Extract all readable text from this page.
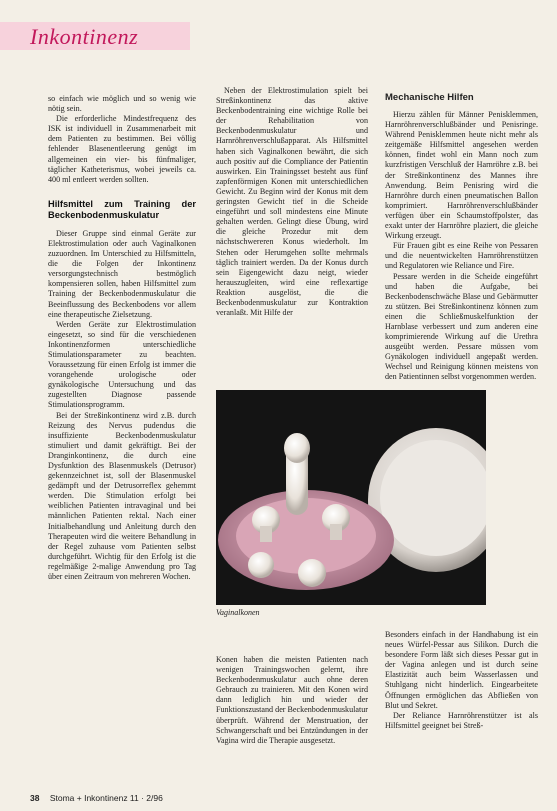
Inkontinenz

so einfach wie möglich und so wenig wie nötig sein.

Die erforderliche Mindestfrequenz des ISK ist individuell in Zusammenarbeit mit dem Patienten zu bestimmen. Bei völlig fehlender Blasenentleerung genügt im allgemeinen ein vier- bis fünfmaliger, täglicher Katheterismus, wobei jeweils ca. 400 ml entleert werden sollten.

Hilfsmittel zum Training der Beckenbodenmuskulatur

Dieser Gruppe sind einmal Geräte zur Elektrostimulation oder auch Vaginalkonen zuzuordnen. Im Unterschied zu Hilfsmitteln, die die Folgen der Inkontinenz versorgungstechnisch bestmöglich kompensieren sollen, haben Hilfsmittel zum Training der Beckenbodenmuskulatur die Beeinflussung des Beckenbodens vor allem eine therapeutische Zielsetzung.

Werden Geräte zur Elektrostimulation eingesetzt, so sind für die verschiedenen Inkontinenzformen unterschiedliche Stimulationsparameter zu beachten. Voraussetzung für einen Erfolg ist immer die vorangehende urologische oder gynäkologische Untersuchung und das zugestellten Diagnose passende Stimulationsprogramm.

Bei der Streßinkontinenz wird z.B. durch Reizung des Nervus pudendus die insuffiziente Beckenbodenmuskulatur stimuliert und damit gekräftigt. Bei der Dranginkontinenz, die durch eine Dysfunktion des Blasenmuskels (Detrusor) gekennzeichnet ist, soll der Blasenmuskel gedämpft und der Detrusorreflex gehemmt werden. Die Stimulation erfolgt bei weiblichen Patienten intravaginal und bei männlichen Patienten rektal. Nach einer Initialbehandlung und Anleitung durch den Therapeuten wird die weitere Behandlung in der Regel zuhause vom Patienten selbst durchgeführt. Wichtig für den Erfolg ist die regelmäßige 2-malige Anwendung pro Tag über einen Zeitraum von mehreren Wochen.

Neben der Elektrostimulation spielt bei Streßinkontinenz das aktive Beckenbodentraining eine wichtige Rolle bei der Rehabilitation von Beckenbodenmuskulatur und Harnröhrenverschlußapparat. Als Hilfsmittel haben sich Vaginalkonen bewährt, die sich auch positiv auf die Compliance der Patientin auswirken. Ein Trainingsset besteht aus fünf zapfenförmigen Konen mit unterschiedlichen Gewicht. Zu Beginn wird der Konus mit dem geringsten Gewicht tief in die Scheide eingeführt und soll mindestens eine Minute gehalten werden. Gelingt diese Übung, wird die gleiche Prozedur mit dem nächstschwereren Konus wiederholt. Im Stehen oder Herumgehen sollte mehrmals täglich trainiert werden. Da der Konus durch sein Eigengewicht dazu neigt, wieder herauszugleiten, wird eine reflexartige Reaktion ausgelöst, die die Beckenbodenmuskulatur zur Kontraktion veranlaßt. Mit Hilfe der

Vaginalkonen

Konen haben die meisten Patienten nach wenigen Trainingswochen gelernt, ihre Beckenbodenmuskulatur auch ohne deren Gebrauch zu trainieren. Mit den Konen wird dann lediglich hin und wieder der Funktionszustand der Beckenbodenmuskulatur überprüft. Während der Menstruation, der Schwangerschaft und bei Entzündungen in der Vagina wird die Therapie ausgesetzt.

Mechanische Hilfen

Hierzu zählen für Männer Penisklemmen, Harnröhrenverschlußbänder und Penisringe. Während Penisklemmen heute nicht mehr als zeitgemäße Hilfsmittel angesehen werden können, findet wohl ein Mann noch zum kurzfristigen Verschluß der Harnröhre z.B. bei der Streßinkontinenz des Mannes ihre Anwendung. Beim Penisring wird die Harnröhre durch einen pneumatischen Ballon komprimiert. Harnröhrenverschlußbänder verfügen über ein Schaumstoffpolster, das exakt unter der Harnröhre plaziert, die gleiche Wirkung erzeugt.

Für Frauen gibt es eine Reihe von Pessaren und die neuentwickelten Harnröhrenstützen und Regulatoren wie Reliance und Fire.

Pessare werden in die Scheide eingeführt und haben die Aufgabe, bei Beckenbodenschwäche Blase und Gebärmutter zu stützen. Bei Streßinkontinenz können zum einen die Schließmuskelfunktion der Harnblase verbessert und zum anderen eine komprimierende Wirkung auf die Urethra ausgeübt werden. Pessare müssen vom Gynäkologen individuell angepaßt werden. Wechsel und Reinigung können meistens von den Patientinnen selbst vorgenommen werden.

Besonders einfach in der Handhabung ist ein neues Würfel-Pessar aus Silikon. Durch die besondere Form läßt sich dieses Pessar gut in der Vagina anlegen und ist durch seine Elastizität auch beim Wasserlassen und Stuhlgang nicht hinderlich. Eingearbeitete Öffnungen ermöglichen das Abfließen von Blut und Sekret.

Der Reliance Harnröhrenstützer ist als Hilfsmittel geeignet bei Streß-

38 Stoma + Inkontinenz 11 · 2/96
